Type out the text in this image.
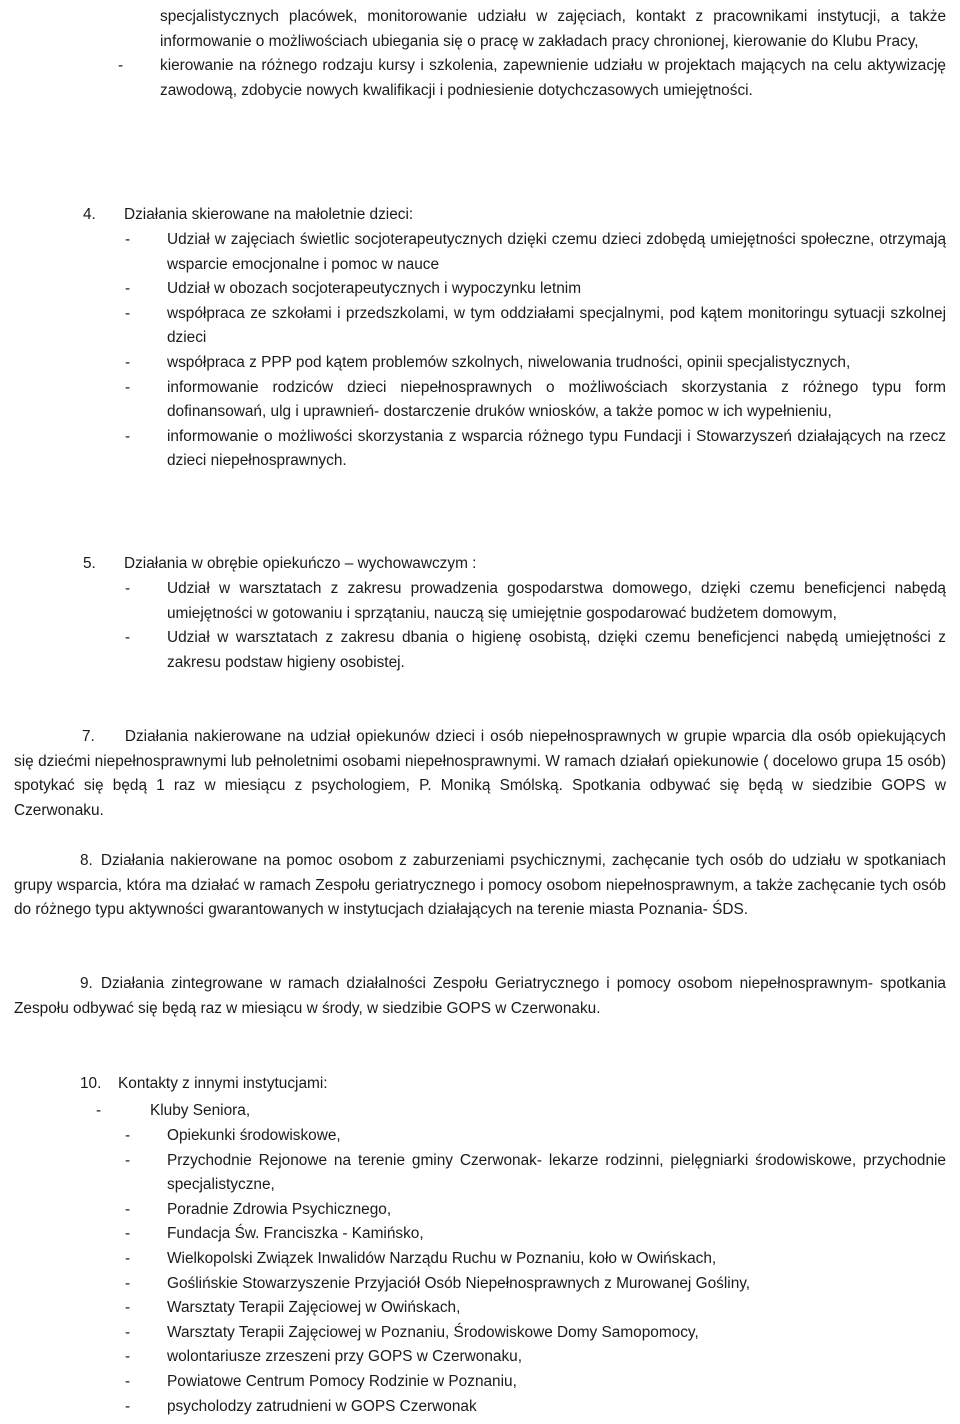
specjalistycznych placówek, monitorowanie udziału w zajęciach, kontakt z pracownikami instytucji, a także informowanie o możliwościach ubiegania się o pracę w zakładach pracy chronionej, kierowanie do Klubu Pracy,

- kierowanie na różnego rodzaju kursy i szkolenia, zapewnienie udziału w projektach mających na celu aktywizację zawodową, zdobycie nowych kwalifikacji i podniesienie dotychczasowych umiejętności.

4. Działania skierowane na małoletnie dzieci:

- Udział w zajęciach świetlic socjoterapeutycznych dzięki czemu dzieci zdobędą umiejętności społeczne, otrzymają wsparcie emocjonalne i pomoc w nauce

- Udział w obozach socjoterapeutycznych i wypoczynku letnim

- współpraca ze szkołami i przedszkolami, w tym oddziałami specjalnymi, pod kątem monitoringu sytuacji szkolnej dzieci

- współpraca z PPP pod kątem problemów szkolnych, niwelowania trudności, opinii specjalistycznych,

- informowanie rodziców dzieci niepełnosprawnych o możliwościach skorzystania z różnego typu form dofinansowań, ulg i uprawnień- dostarczenie druków wniosków, a także pomoc w ich wypełnieniu,

- informowanie o możliwości skorzystania z wsparcia różnego typu Fundacji i Stowarzyszeń działających na rzecz dzieci niepełnosprawnych.

5. Działania w obrębie opiekuńczo – wychowawczym :

- Udział w warsztatach z zakresu prowadzenia gospodarstwa domowego, dzięki czemu beneficjenci nabędą umiejętności w gotowaniu i sprzątaniu, nauczą się umiejętnie gospodarować budżetem domowym,

- Udział w warsztatach z zakresu dbania o higienę osobistą, dzięki czemu beneficjenci nabędą umiejętności z zakresu podstaw higieny osobistej.

7. Działania nakierowane na udział opiekunów dzieci i osób niepełnosprawnych w grupie wparcia dla osób opiekujących się dziećmi niepełnosprawnymi lub pełnoletnimi osobami niepełnosprawnymi. W ramach działań opiekunowie ( docelowo grupa 15 osób) spotykać się będą 1 raz w miesiącu z psychologiem, P. Moniką Smólską. Spotkania odbywać się będą w siedzibie GOPS w Czerwonaku.

8. Działania nakierowane na pomoc osobom z zaburzeniami psychicznymi, zachęcanie tych osób do udziału w spotkaniach grupy wsparcia, która ma działać w ramach Zespołu geriatrycznego i pomocy osobom niepełnosprawnym, a także zachęcanie tych osób do różnego typu aktywności gwarantowanych w instytucjach działających na terenie miasta Poznania- ŚDS.

9. Działania zintegrowane w ramach działalności Zespołu Geriatrycznego i pomocy osobom niepełnosprawnym- spotkania Zespołu odbywać się będą raz w miesiącu w środy, w siedzibie GOPS w Czerwonaku.

10. Kontakty z innymi instytucjami:
-	Kluby Seniora,

- Opiekunki środowiskowe,

- Przychodnie Rejonowe na terenie gminy Czerwonak- lekarze rodzinni, pielęgniarki środowiskowe, przychodnie specjalistyczne,

- Poradnie Zdrowia Psychicznego,

- Fundacja Św. Franciszka - Kamińsko,

- Wielkopolski Związek Inwalidów Narządu Ruchu w Poznaniu, koło w Owińskach,

- Goślińskie Stowarzyszenie Przyjaciół Osób Niepełnosprawnych z Murowanej Gośliny,

- Warsztaty Terapii Zajęciowej w Owińskach,

- Warsztaty Terapii Zajęciowej w Poznaniu, Środowiskowe Domy Samopomocy,

- wolontariusze zrzeszeni przy GOPS w Czerwonaku,

- Powiatowe Centrum Pomocy Rodzinie w Poznaniu,

- psycholodzy zatrudnieni w GOPS Czerwonak
